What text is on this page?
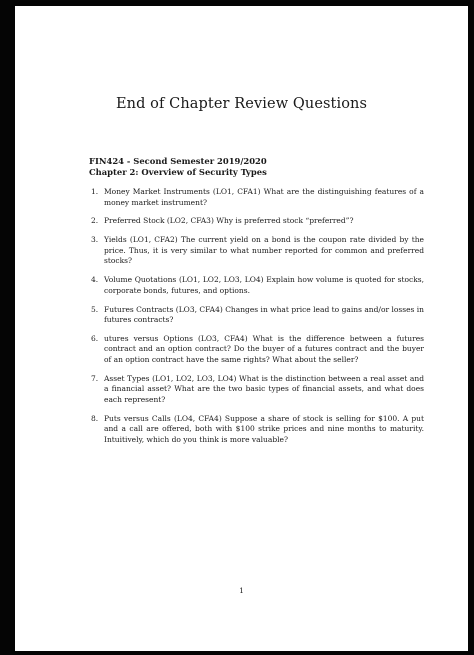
End of Chapter Review Questions
FIN424 - Second Semester 2019/2020
Chapter 2: Overview of Security Types
1. Money Market Instruments (LO1, CFA1) What are the distinguishing features of a money market instrument?
2. Preferred Stock (LO2, CFA3) Why is preferred stock “preferred”?
3. Yields (LO1, CFA2) The current yield on a bond is the coupon rate divided by the price. Thus, it is very similar to what number reported for common and preferred stocks?
4. Volume Quotations (LO1, LO2, LO3, LO4) Explain how volume is quoted for stocks, corporate bonds, futures, and options.
5. Futures Contracts (LO3, CFA4) Changes in what price lead to gains and/or losses in futures contracts?
6. utures versus Options (LO3, CFA4) What is the difference between a futures contract and an option contract? Do the buyer of a futures contract and the buyer of an option contract have the same rights? What about the seller?
7. Asset Types (LO1, LO2, LO3, LO4) What is the distinction between a real asset and a financial asset? What are the two basic types of financial assets, and what does each represent?
8. Puts versus Calls (LO4, CFA4) Suppose a share of stock is selling for $100. A put and a call are offered, both with $100 strike prices and nine months to maturity. Intuitively, which do you think is more valuable?
1
